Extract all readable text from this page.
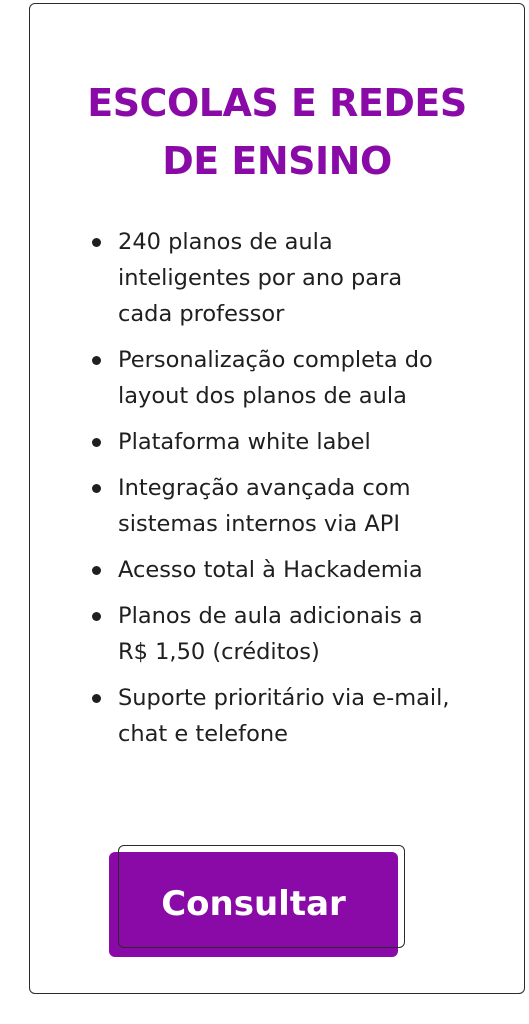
ESCOLAS E REDES
DE ENSINO
240 planos de aula
inteligentes por ano para
cada professor
Personalização completa do
layout dos planos de aula
Plataforma white label
Integração avançada com
sistemas internos via API
Acesso total à Hackademia
Planos de aula adicionais a
R$ 1,50 (créditos)
Suporte prioritário via e-mail,
chat e telefone
Consultar
